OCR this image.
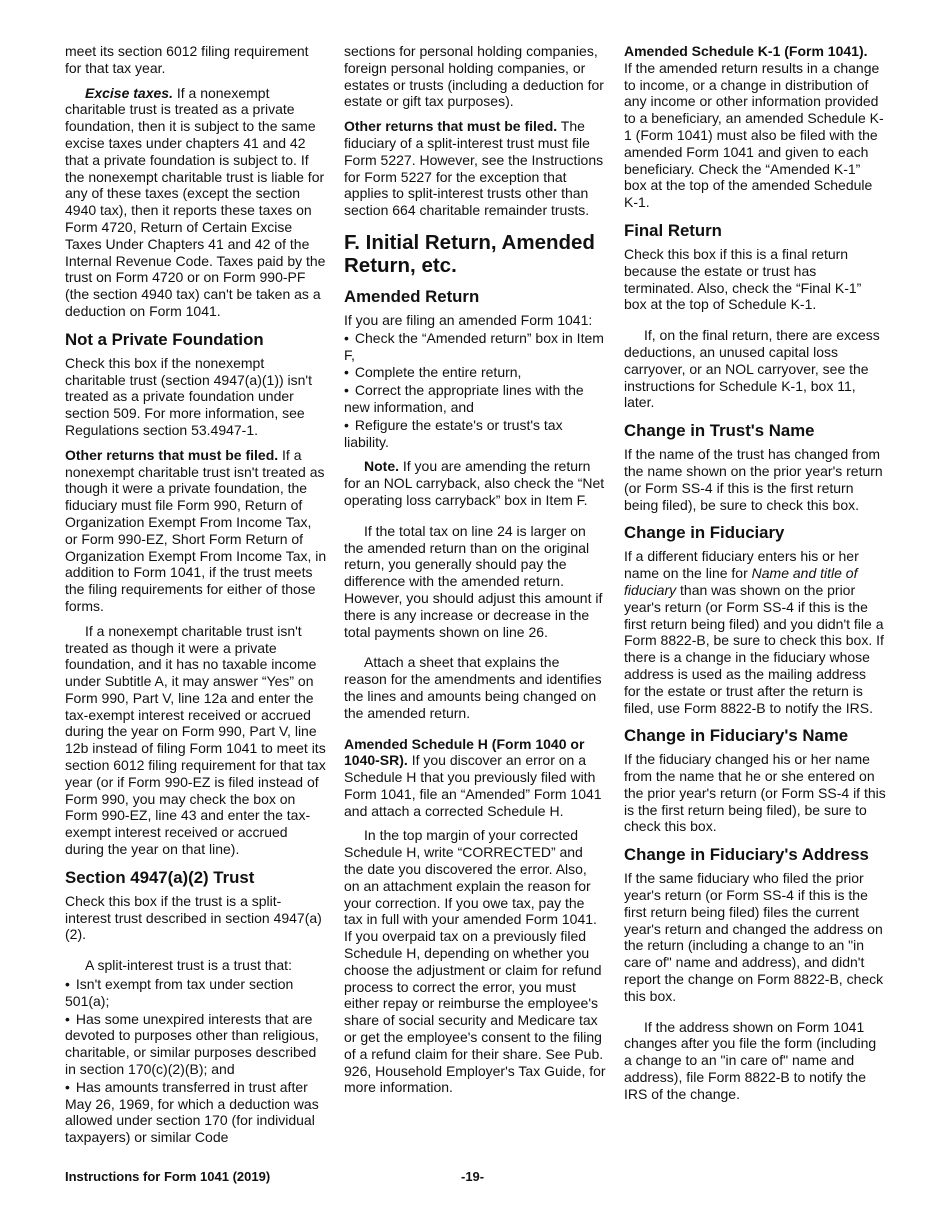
meet its section 6012 filing requirement for that tax year.

Excise taxes. If a nonexempt charitable trust is treated as a private foundation, then it is subject to the same excise taxes under chapters 41 and 42 that a private foundation is subject to. If the nonexempt charitable trust is liable for any of these taxes (except the section 4940 tax), then it reports these taxes on Form 4720, Return of Certain Excise Taxes Under Chapters 41 and 42 of the Internal Revenue Code. Taxes paid by the trust on Form 4720 or on Form 990-PF (the section 4940 tax) can't be taken as a deduction on Form 1041.

Not a Private Foundation

Check this box if the nonexempt charitable trust (section 4947(a)(1)) isn't treated as a private foundation under section 509. For more information, see Regulations section 53.4947-1.

Other returns that must be filed. If a nonexempt charitable trust isn't treated as though it were a private foundation, the fiduciary must file Form 990, Return of Organization Exempt From Income Tax, or Form 990-EZ, Short Form Return of Organization Exempt From Income Tax, in addition to Form 1041, if the trust meets the filing requirements for either of those forms.

If a nonexempt charitable trust isn't treated as though it were a private foundation, and it has no taxable income under Subtitle A, it may answer “Yes” on Form 990, Part V, line 12a and enter the tax-exempt interest received or accrued during the year on Form 990, Part V, line 12b instead of filing Form 1041 to meet its section 6012 filing requirement for that tax year (or if Form 990-EZ is filed instead of Form 990, you may check the box on Form 990-EZ, line 43 and enter the tax-exempt interest received or accrued during the year on that line).

Section 4947(a)(2) Trust

Check this box if the trust is a split-interest trust described in section 4947(a)(2).

A split-interest trust is a trust that:

• Isn't exempt from tax under section 501(a);
• Has some unexpired interests that are devoted to purposes other than religious, charitable, or similar purposes described in section 170(c)(2)(B); and
• Has amounts transferred in trust after May 26, 1969, for which a deduction was allowed under section 170 (for individual taxpayers) or similar Code

sections for personal holding companies, foreign personal holding companies, or estates or trusts (including a deduction for estate or gift tax purposes).

Other returns that must be filed. The fiduciary of a split-interest trust must file Form 5227. However, see the Instructions for Form 5227 for the exception that applies to split-interest trusts other than section 664 charitable remainder trusts.

F. Initial Return, Amended Return, etc.
Amended Return

If you are filing an amended Form 1041:

• Check the “Amended return” box in Item F,
• Complete the entire return,
• Correct the appropriate lines with the new information, and
• Refigure the estate's or trust's tax liability.

Note. If you are amending the return for an NOL carryback, also check the “Net operating loss carryback” box in Item F.

If the total tax on line 24 is larger on the amended return than on the original return, you generally should pay the difference with the amended return. However, you should adjust this amount if there is any increase or decrease in the total payments shown on line 26.

Attach a sheet that explains the reason for the amendments and identifies the lines and amounts being changed on the amended return.

Amended Schedule H (Form 1040 or 1040-SR). If you discover an error on a Schedule H that you previously filed with Form 1041, file an “Amended” Form 1041 and attach a corrected Schedule H.

In the top margin of your corrected Schedule H, write “CORRECTED” and the date you discovered the error. Also, on an attachment explain the reason for your correction. If you owe tax, pay the tax in full with your amended Form 1041. If you overpaid tax on a previously filed Schedule H, depending on whether you choose the adjustment or claim for refund process to correct the error, you must either repay or reimburse the employee's share of social security and Medicare tax or get the employee's consent to the filing of a refund claim for their share. See Pub. 926, Household Employer's Tax Guide, for more information.

Amended Schedule K-1 (Form 1041).
If the amended return results in a change to income, or a change in distribution of any income or other information provided to a beneficiary, an amended Schedule K-1 (Form 1041) must also be filed with the amended Form 1041 and given to each beneficiary. Check the “Amended K-1” box at the top of the amended Schedule K-1.

Final Return

Check this box if this is a final return because the estate or trust has terminated. Also, check the “Final K-1” box at the top of Schedule K-1.

If, on the final return, there are excess deductions, an unused capital loss carryover, or an NOL carryover, see the instructions for Schedule K-1, box 11, later.

Change in Trust's Name

If the name of the trust has changed from the name shown on the prior year's return (or Form SS-4 if this is the first return being filed), be sure to check this box.

Change in Fiduciary

If a different fiduciary enters his or her name on the line for Name and title of fiduciary than was shown on the prior year's return (or Form SS-4 if this is the first return being filed) and you didn't file a Form 8822-B, be sure to check this box. If there is a change in the fiduciary whose address is used as the mailing address for the estate or trust after the return is filed, use Form 8822-B to notify the IRS.

Change in Fiduciary's Name

If the fiduciary changed his or her name from the name that he or she entered on the prior year's return (or Form SS-4 if this is the first return being filed), be sure to check this box.

Change in Fiduciary's Address

If the same fiduciary who filed the prior year's return (or Form SS-4 if this is the first return being filed) files the current year's return and changed the address on the return (including a change to an "in care of" name and address), and didn't report the change on Form 8822-B, check this box.

If the address shown on Form 1041 changes after you file the form (including a change to an "in care of" name and address), file Form 8822-B to notify the IRS of the change.

Instructions for Form 1041 (2019)	-19-
